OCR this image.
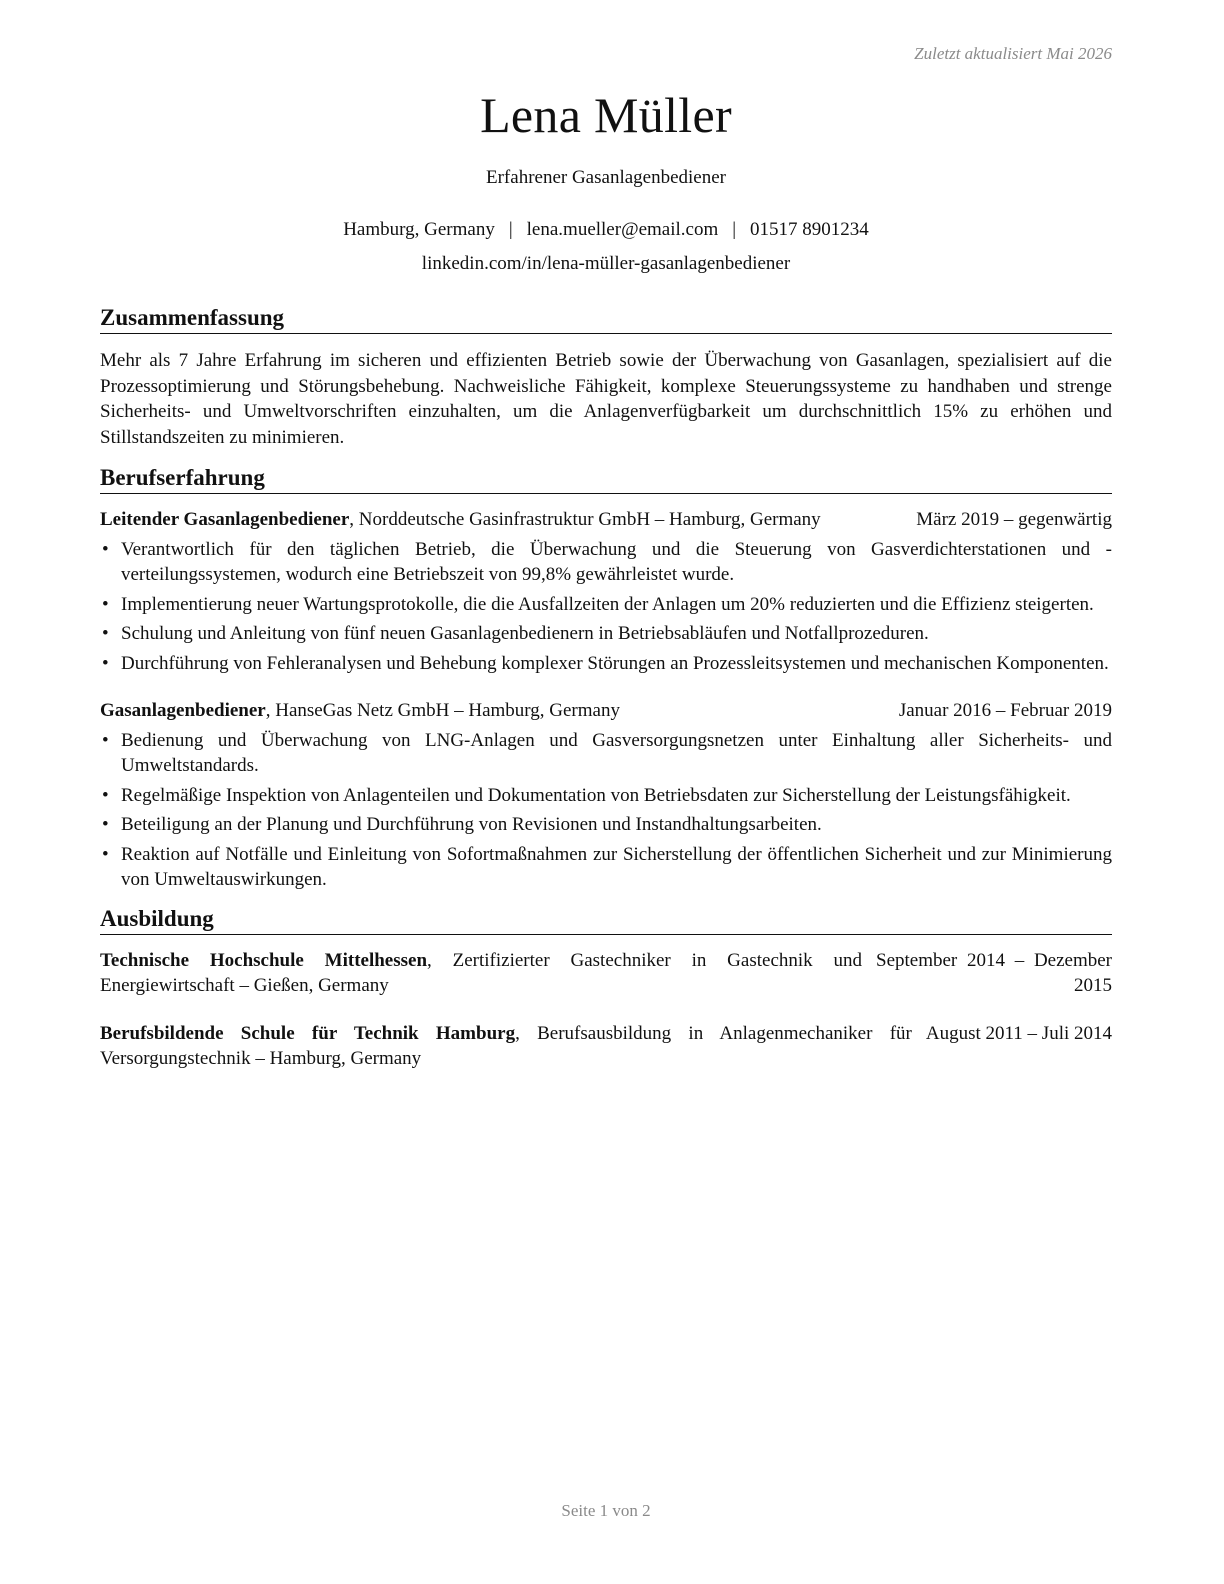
Zuletzt aktualisiert Mai 2026
Lena Müller
Erfahrener Gasanlagenbediener
Hamburg, Germany | lena.mueller@email.com | 01517 8901234
linkedin.com/in/lena-müller-gasanlagenbediener
Zusammenfassung

Mehr als 7 Jahre Erfahrung im sicheren und effizienten Betrieb sowie der Überwachung von Gasanlagen, spezialisiert auf die Prozessoptimierung und Störungsbehebung. Nachweisliche Fähigkeit, komplexe Steuerungssysteme zu handhaben und strenge Sicherheits- und Umweltvorschriften einzuhalten, um die Anlagenverfügbarkeit um durchschnittlich 15% zu erhöhen und Stillstandszeiten zu minimieren.

Berufserfahrung
Leitender Gasanlagenbediener, Norddeutsche Gasinfrastruktur GmbH – Hamburg, Germany	März 2019 – gegenwärtig
• Verantwortlich für den täglichen Betrieb, die Überwachung und die Steuerung von Gasverdichterstationen und -verteilungssystemen, wodurch eine Betriebszeit von 99,8% gewährleistet wurde.
• Implementierung neuer Wartungsprotokolle, die die Ausfallzeiten der Anlagen um 20% reduzierten und die Effizienz steigerten.
• Schulung und Anleitung von fünf neuen Gasanlagenbedienern in Betriebsabläufen und Notfallprozeduren.
• Durchführung von Fehleranalysen und Behebung komplexer Störungen an Prozessleitsystemen und mechanischen Komponenten.
Gasanlagenbediener, HanseGas Netz GmbH – Hamburg, Germany	Januar 2016 – Februar 2019
• Bedienung und Überwachung von LNG-Anlagen und Gasversorgungsnetzen unter Einhaltung aller Sicherheits- und Umweltstandards.
• Regelmäßige Inspektion von Anlagenteilen und Dokumentation von Betriebsdaten zur Sicherstellung der Leistungsfähigkeit.
• Beteiligung an der Planung und Durchführung von Revisionen und Instandhaltungsarbeiten.
• Reaktion auf Notfälle und Einleitung von Sofortmaßnahmen zur Sicherstellung der öffentlichen Sicherheit und zur Minimierung von Umweltauswirkungen.
Ausbildung
Technische Hochschule Mittelhessen, Zertifizierter Gastechniker in Gastechnik und Energiewirtschaft – Gießen, Germany
September 2014 – Dezember 2015
Berufsbildende Schule für Technik Hamburg, Berufsausbildung in Anlagenmechaniker für Versorgungstechnik – Hamburg, Germany
August 2011 – Juli 2014
Seite 1 von 2
